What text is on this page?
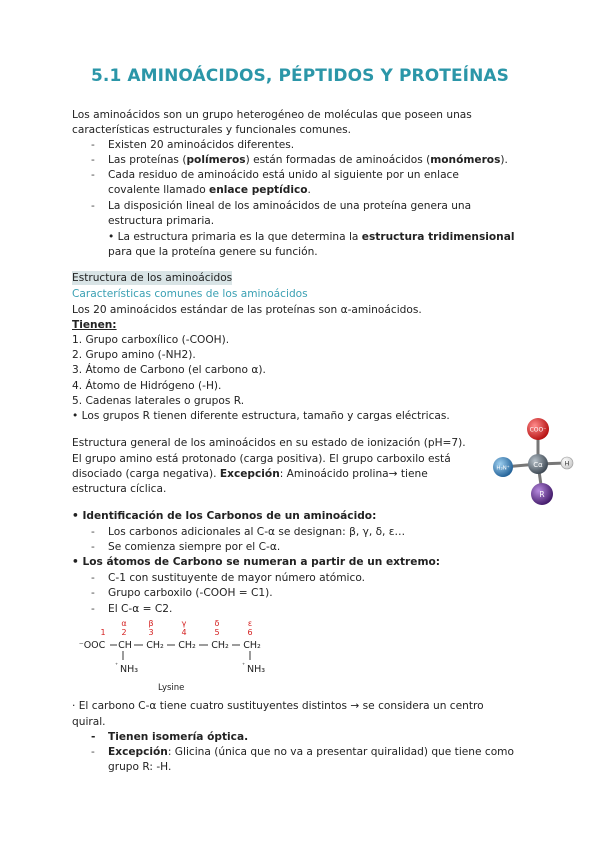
5.1 AMINOÁCIDOS, PÉPTIDOS Y PROTEÍNAS
Los aminoácidos son un grupo heterogéneo de moléculas que poseen unas
características estructurales y funcionales comunes.
- Existen 20 aminoácidos diferentes.
- Las proteínas (polímeros) están formadas de aminoácidos (monómeros).
- Cada residuo de aminoácido está unido al siguiente por un enlace
covalente llamado enlace peptídico.
- La disposición lineal de los aminoácidos de una proteína genera una
estructura primaria.
• La estructura primaria es la que determina la estructura tridimensional
para que la proteína genere su función.
Estructura de los aminoácidos
Características comunes de los aminoácidos
Los 20 aminoácidos estándar de las proteínas son α-aminoácidos.
Tienen:
1. Grupo carboxílico (-COOH).
2. Grupo amino (-NH2).
3. Átomo de Carbono (el carbono α).
4. Átomo de Hidrógeno (-H).
5. Cadenas laterales o grupos R.
• Los grupos R tienen diferente estructura, tamaño y cargas eléctricas.
Estructura general de los aminoácidos en su estado de ionización (pH=7).
El grupo amino está protonado (carga positiva). El grupo carboxilo está
disociado (carga negativa). Excepción: Aminoácido prolina→ tiene
estructura cíclica.
COO⁻
H₃N⁺	Cα	H
R
• Identificación de los Carbonos de un aminoácido:
- Los carbonos adicionales al C-α se designan: β, γ, δ, ε…
- Se comienza siempre por el C-α.
• Los átomos de Carbono se numeran a partir de un extremo:
- C-1 con sustituyente de mayor número atómico.
- Grupo carboxilo (-COOH = C1).
- El C-α = C2.
α	β	γ	δ	ε
1 2	3	4	5	6
⁻OOC CH CH₂ CH₂ CH₂ CH₂
⁺ NH₃	⁺ NH₃
Lysine
· El carbono C-α tiene cuatro sustituyentes distintos → se considera un centro
quiral.
- Tienen isomería óptica.
- Excepción: Glicina (única que no va a presentar quiralidad) que tiene como
grupo R: -H.
